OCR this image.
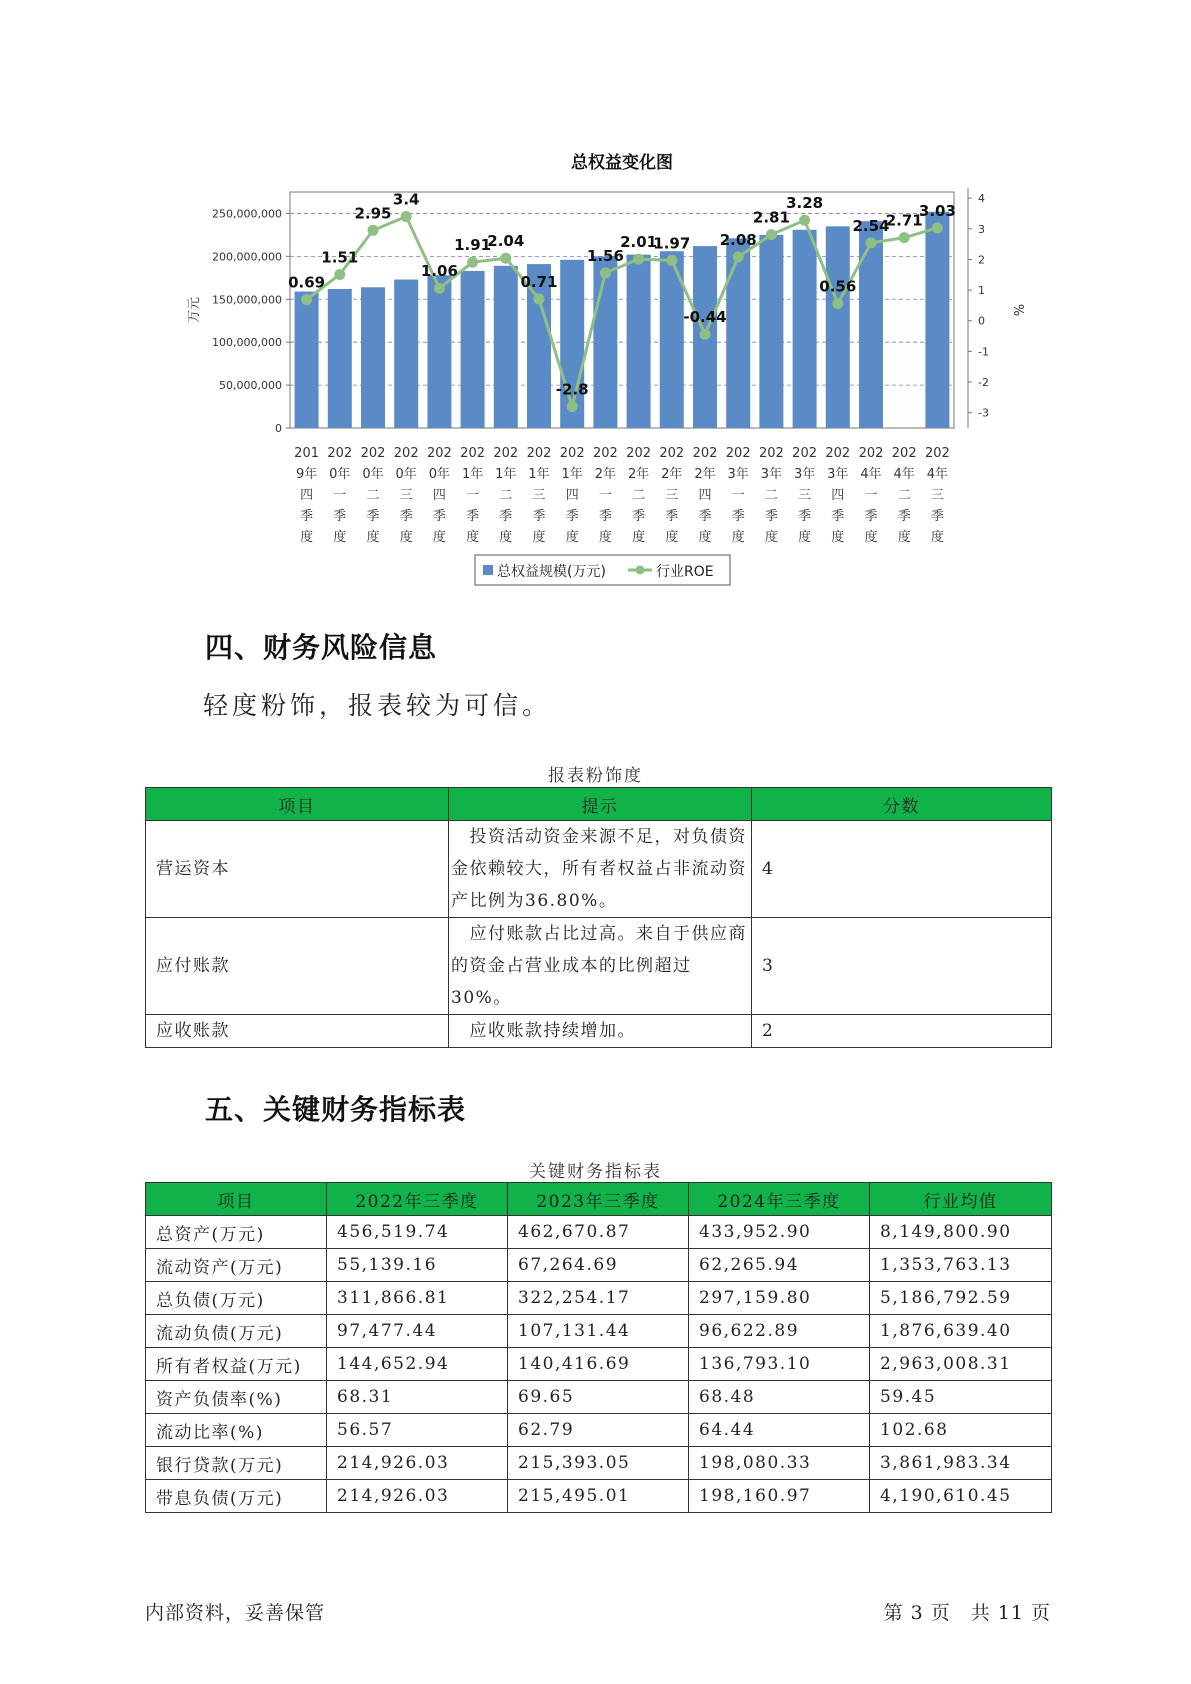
总权益变化图
0
50,000,000
100,000,000
150,000,000
200,000,000
250,000,000
-3
-2
-1
0
1
2
3
4
万元	%
201
9年
四
季
度
202
0年
一
季
度
202
0年
二
季
度
202
0年
三
季
度
202
0年
四
季
度
202
1年
一
季
度
202
1年
二
季
度
202
1年
三
季
度
202
1年
四
季
度
202
2年
一
季
度
202
2年
二
季
度
202
2年
三
季
度
202
2年
四
季
度
202
3年
一
季
度
202
3年
二
季
度
202
3年
三
季
度
202
3年
四
季
度
202
4年
一
季
度
202
4年
二
季
度
202
4年
三
季
度
0.69
1.51
2.95
3.4
1.06
1.91
2.04
0.71
-2.8
1.56
2.01
1.97
-0.44
2.08
2.81
3.28
0.56
2.54
2.71
3.03
总权益规模(万元)	行业ROE
四、财务风险信息

轻度粉饰，报表较为可信。

报表粉饰度

项目	提示	分数
营运资本	　投资活动资金来源不足，对负债资金依赖较大，所有者权益占非流动资产比例为36.80%。	4
应付账款	　应付账款占比过高。来自于供应商的资金占营业成本的比例超过30%。	3
应收账款	　应收账款持续增加。	2
五、关键财务指标表

关键财务指标表

项目	2022年三季度	2023年三季度	2024年三季度	行业均值
总资产(万元)	456,519.74	462,670.87	433,952.90	8,149,800.90
流动资产(万元)	55,139.16	67,264.69	62,265.94	1,353,763.13
总负债(万元)	311,866.81	322,254.17	297,159.80	5,186,792.59
流动负债(万元)	97,477.44	107,131.44	96,622.89	1,876,639.40
所有者权益(万元)	144,652.94	140,416.69	136,793.10	2,963,008.31
资产负债率(%)	68.31	69.65	68.48	59.45
流动比率(%)	56.57	62.79	64.44	102.68
银行贷款(万元)	214,926.03	215,393.05	198,080.33	3,861,983.34
带息负债(万元)	214,926.03	215,495.01	198,160.97	4,190,610.45
内部资料，妥善保管	第 3 页　共 11 页
